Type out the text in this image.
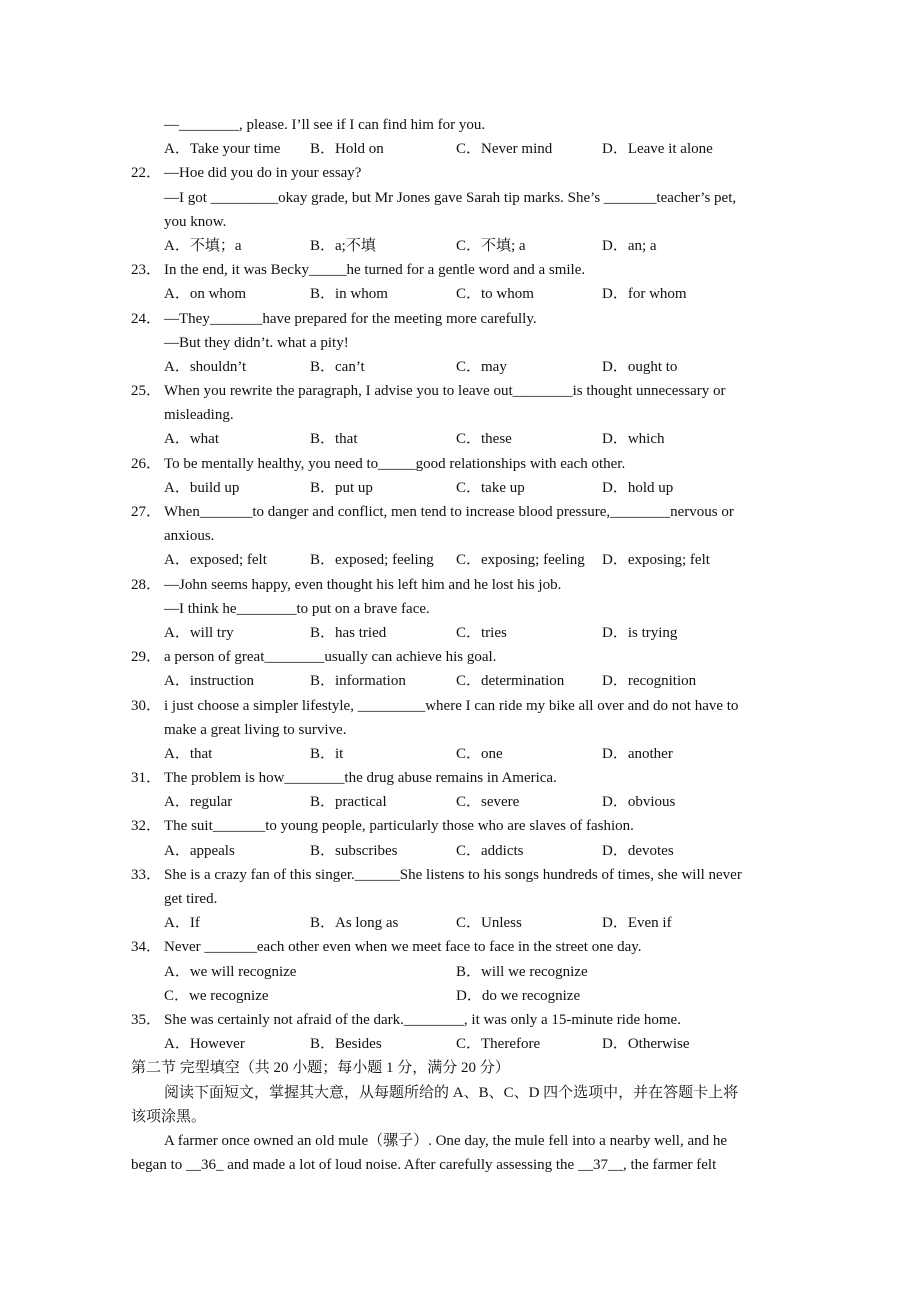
—________, please. I’ll see if I can find him for you.
A．Take your time B．Hold on	C．Never mind	D．Leave it alone
22． —Hoe did you do in your essay?
—I got _________okay grade, but Mr Jones gave Sarah tip marks. She’s _______teacher’s pet,
you know.
A．不填；a	B．a;不填	C．不填; a	D．an; a
23． In the end, it was Becky_____he turned for a gentle word and a smile.
A．on whom	B．in whom	C．to whom	D．for whom
24． —They_______have prepared for the meeting more carefully.
—But they didn’t. what a pity!
A．shouldn’t	B．can’t	C．may	D．ought to
25． When you rewrite the paragraph, I advise you to leave out________is thought unnecessary or
misleading.
A．what	B．that	C．these	D．which
26． To be mentally healthy, you need to_____good relationships with each other.
A．build up	B．put up	C．take up	D．hold up
27． When_______to danger and conflict, men tend to increase blood pressure,________nervous or
anxious.
A．exposed; felt	B．exposed; feeling C．exposing; feeling D．exposing; felt
28． —John seems happy, even thought his left him and he lost his job.
—I think he________to put on a brave face.
A．will try	B．has tried	C．tries	D．is trying
29． a person of great________usually can achieve his goal.
A．instruction	B．information	C．determination	D．recognition
30． i just choose a simpler lifestyle, _________where I can ride my bike all over and do not have to
make a great living to survive.
A．that	B．it	C．one	D．another
31． The problem is how________the drug abuse remains in America.
A．regular	B．practical	C．severe	D．obvious
32． The suit_______to young people, particularly those who are slaves of fashion.
A．appeals	B．subscribes	C．addicts	D．devotes
33． She is a crazy fan of this singer.______She listens to his songs hundreds of times, she will never
get tired.
A．If	B．As long as	C．Unless	D．Even if
34． Never _______each other even when we meet face to face in the street one day.
A．we will recognize	B．will we recognize
C．we recognize	D．do we recognize
35． She was certainly not afraid of the dark.________, it was only a 15-minute ride home.
A．However	B．Besides	C．Therefore	D．Otherwise
第二节 完型填空（共 20 小题；每小题 1 分，满分 20 分）
阅读下面短文，掌握其大意，从每题所给的 A、B、C、D 四个选项中，并在答题卡上将
该项涂黑。
A farmer once owned an old mule（骡子）. One day, the mule fell into a nearby well, and he
began to __36_ and made a lot of loud noise. After carefully assessing the __37__, the farmer felt
